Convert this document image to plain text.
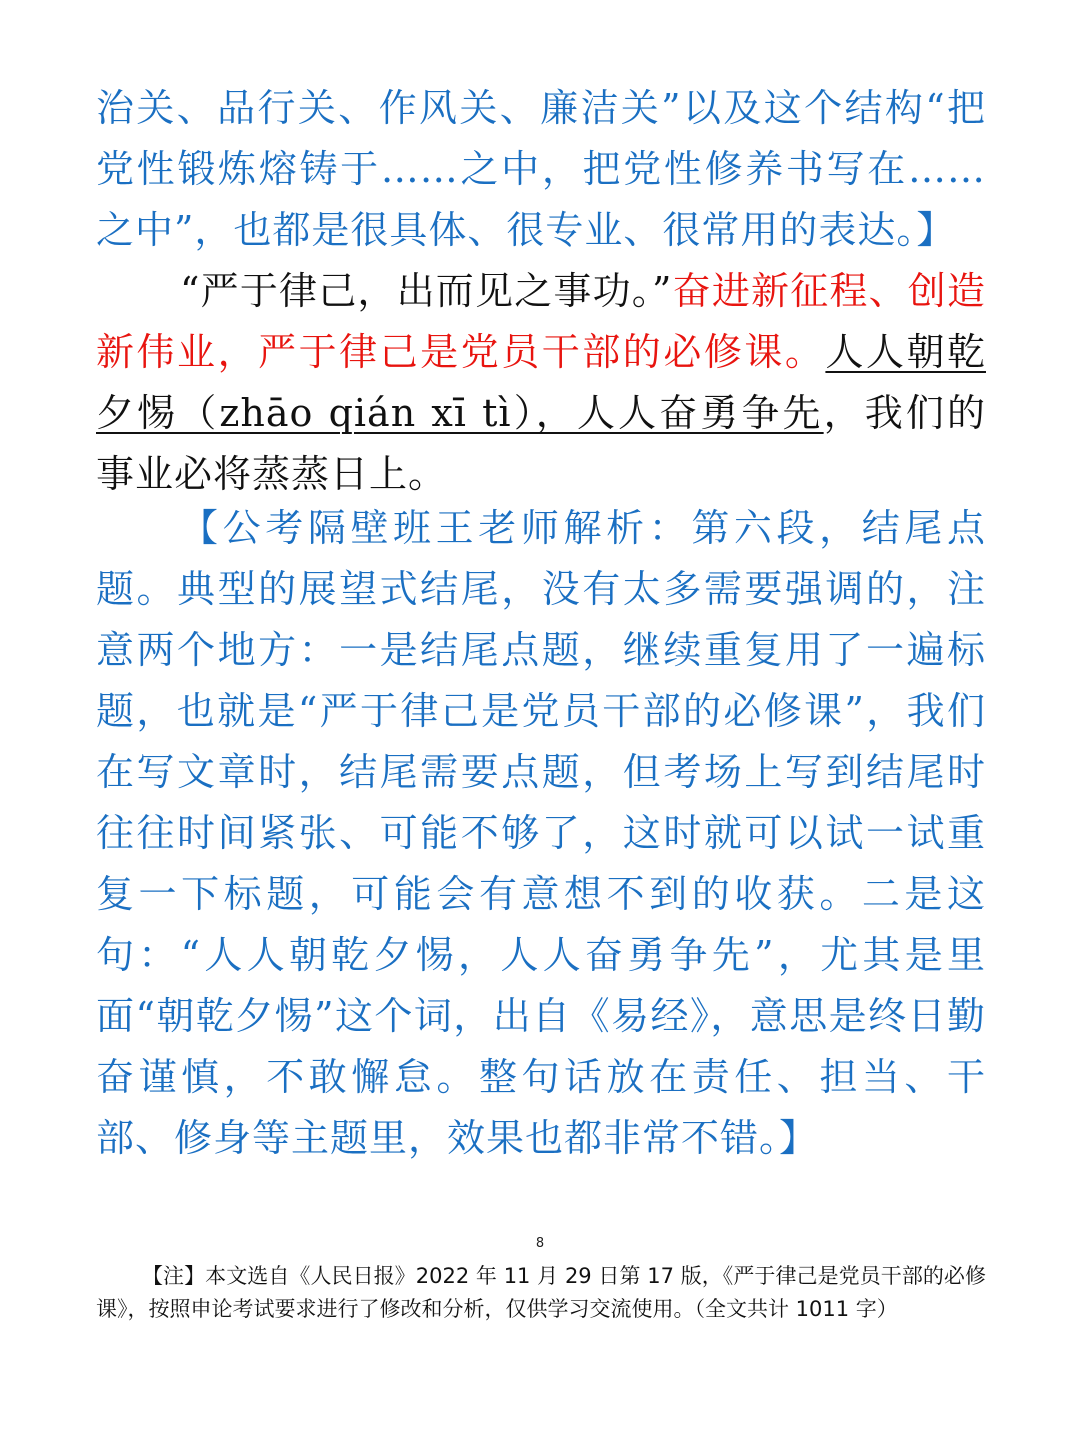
治关、品行关、作风关、廉洁关”以及这个结构“把党性锻炼熔铸于……之中，把党性修养书写在……之中”，也都是很具体、很专业、很常用的表达。】

“严于律己，出而见之事功。”奋进新征程、创造新伟业，严于律己是党员干部的必修课。人人朝乾夕惕（zhāo qián xī tì），人人奋勇争先，我们的事业必将蒸蒸日上。

【公考隔壁班王老师解析：第六段，结尾点题。典型的展望式结尾，没有太多需要强调的，注意两个地方：一是结尾点题，继续重复用了一遍标题，也就是“严于律己是党员干部的必修课”，我们在写文章时，结尾需要点题，但考场上写到结尾时往往时间紧张、可能不够了，这时就可以试一试重复一下标题，可能会有意想不到的收获。二是这句：“人人朝乾夕惕，人人奋勇争先”，尤其是里面“朝乾夕惕”这个词，出自《易经》，意思是终日勤奋谨慎，不敢懈怠。整句话放在责任、担当、干部、修身等主题里，效果也都非常不错。】

8

【注】本文选自《人民日报》2022 年 11 月 29 日第 17 版，《严于律己是党员干部的必修课》，按照申论考试要求进行了修改和分析，仅供学习交流使用。（全文共计 1011 字）
